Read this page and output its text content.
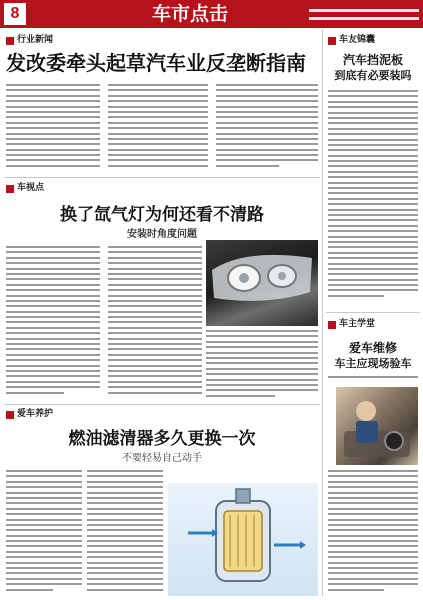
8	车市点击
行业新闻
发改委牵头起草汽车业反垄断指南
车视点
换了氙气灯为何还看不清路
安装时角度问题
爱车养护
燃油滤清器多久更换一次
不要轻易自己动手
车友锦囊
汽车挡泥板
到底有必要装吗
车主学堂
爱车维修
车主应现场验车
